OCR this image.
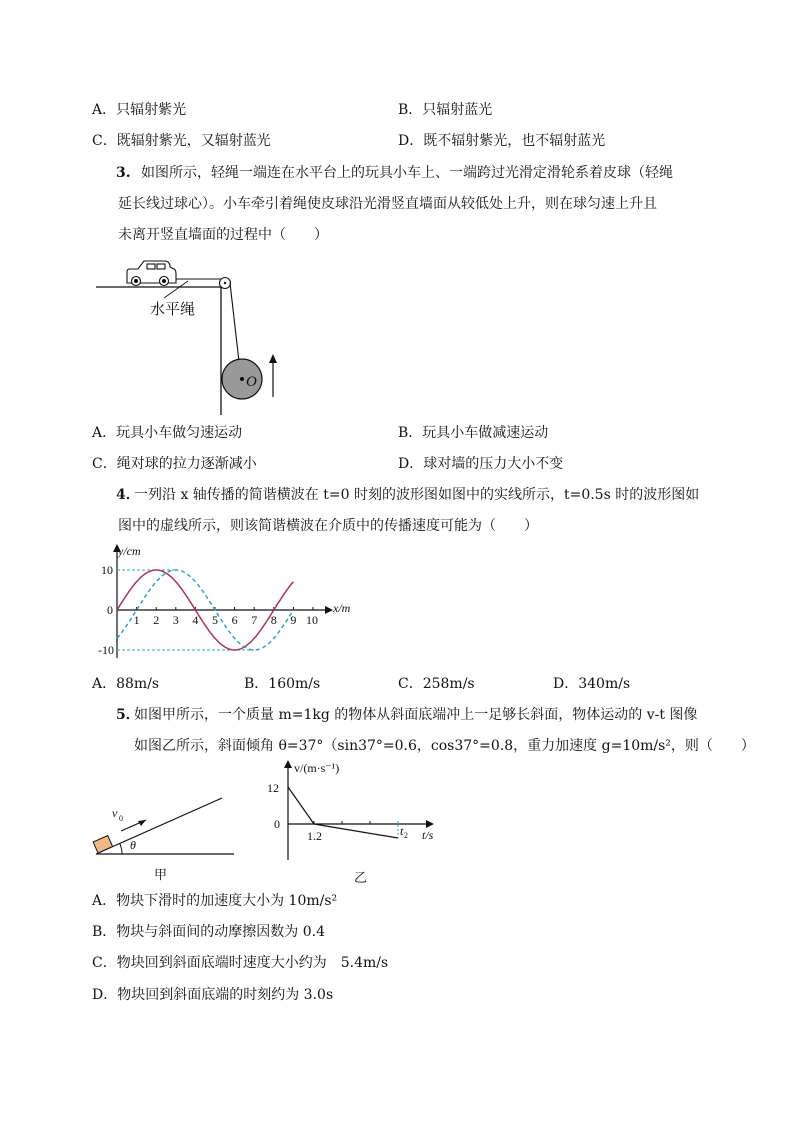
A．只辐射紫光	B．只辐射蓝光
C．既辐射紫光，又辐射蓝光	D．既不辐射紫光，也不辐射蓝光
3. 如图所示，轻绳一端连在水平台上的玩具小车上、一端跨过光滑定滑轮系着皮球（轻绳
延长线过球心）。小车牵引着绳使皮球沿光滑竖直墙面从较低处上升，则在球匀速上升且
未离开竖直墙面的过程中（　　）
O
水平绳
A．玩具小车做匀速运动	B．玩具小车做减速运动
C．绳对球的拉力逐渐减小	D．球对墙的压力大小不变
4．
一列沿 x 轴传播的简谐横波在 t=0 时刻的波形图如图中的实线所示，t=0.5s 时的波形图如
图中的虚线所示，则该简谐横波在介质中的传播速度可能为（　　）
1 2 3 4 5 6 7 8 9 10
10
0
-10
y/cm
x/m
A．88m/s	B．160m/s	C．258m/s	D．340m/s
5．
如图甲所示，一个质量 m=1kg 的物体从斜面底端冲上一足够长斜面，物体运动的 v-t 图像
如图乙所示，斜面倾角 θ=37°（sin37°=0.6，cos37°=0.8，重力加速度 g=10m/s²，则（　　）
v 0
θ
甲
v/(m·s⁻¹)
12
0
1.2	t 2 t/s
乙
A．物块下滑时的加速度大小为 10m/s²
B．物块与斜面间的动摩擦因数为 0.4
C．物块回到斜面底端时速度大小约为　5.4m/s
D．物块回到斜面底端的时刻约为 3.0s
